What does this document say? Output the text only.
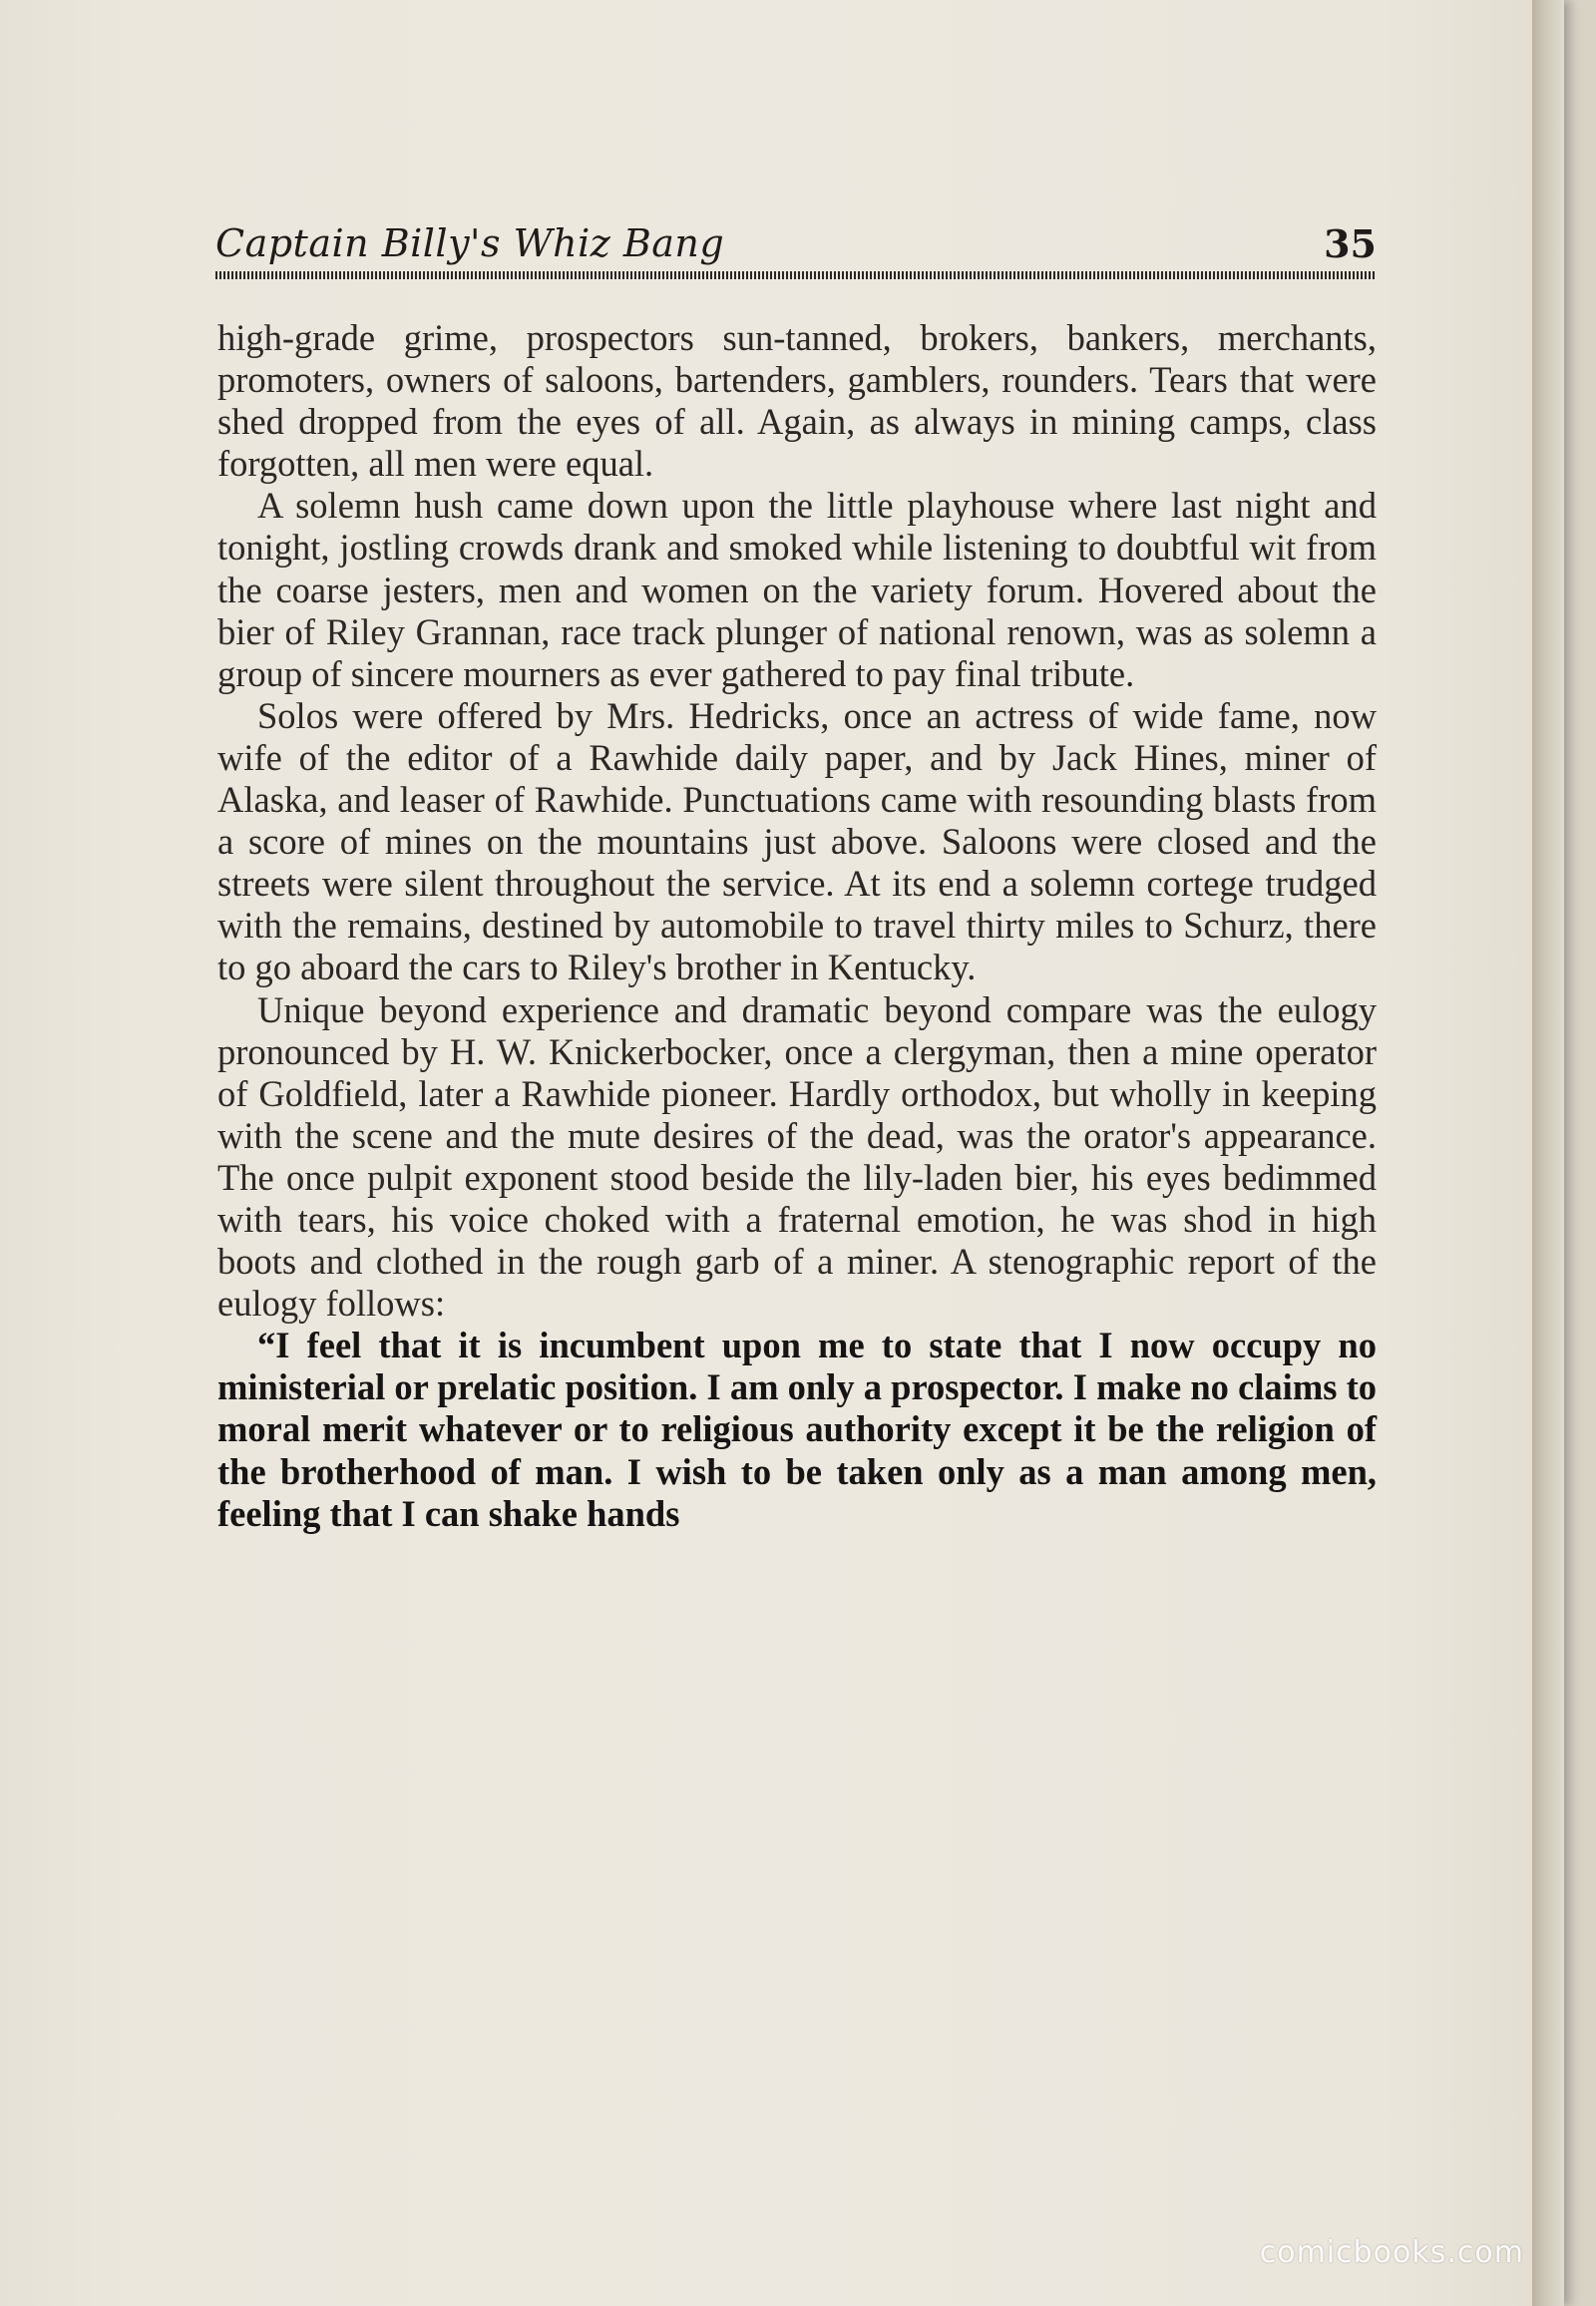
Captain Billy's Whiz Bang	35

high-grade grime, prospectors sun-tanned, brokers, bankers, merchants, promoters, owners of saloons, bartenders, gamblers, rounders. Tears that were shed dropped from the eyes of all. Again, as always in mining camps, class forgotten, all men were equal.

A solemn hush came down upon the little playhouse where last night and tonight, jostling crowds drank and smoked while listening to doubtful wit from the coarse jesters, men and women on the variety forum. Hovered about the bier of Riley Grannan, race track plunger of national renown, was as solemn a group of sincere mourners as ever gathered to pay final tribute.

Solos were offered by Mrs. Hedricks, once an actress of wide fame, now wife of the editor of a Rawhide daily paper, and by Jack Hines, miner of Alaska, and leaser of Rawhide. Punctuations came with resounding blasts from a score of mines on the mountains just above. Saloons were closed and the streets were silent throughout the service. At its end a solemn cortege trudged with the remains, destined by automobile to travel thirty miles to Schurz, there to go aboard the cars to Riley's brother in Kentucky.

Unique beyond experience and dramatic beyond compare was the eulogy pronounced by H. W. Knickerbocker, once a clergyman, then a mine operator of Goldfield, later a Rawhide pioneer. Hardly orthodox, but wholly in keeping with the scene and the mute desires of the dead, was the orator's appearance. The once pulpit exponent stood beside the lily-laden bier, his eyes bedimmed with tears, his voice choked with a fraternal emotion, he was shod in high boots and clothed in the rough garb of a miner. A stenographic report of the eulogy follows:

“I feel that it is incumbent upon me to state that I now occupy no ministerial or prelatic position. I am only a prospector. I make no claims to moral merit whatever or to religious authority except it be the religion of the brotherhood of man. I wish to be taken only as a man among men, feeling that I can shake hands

comicbooks.com
